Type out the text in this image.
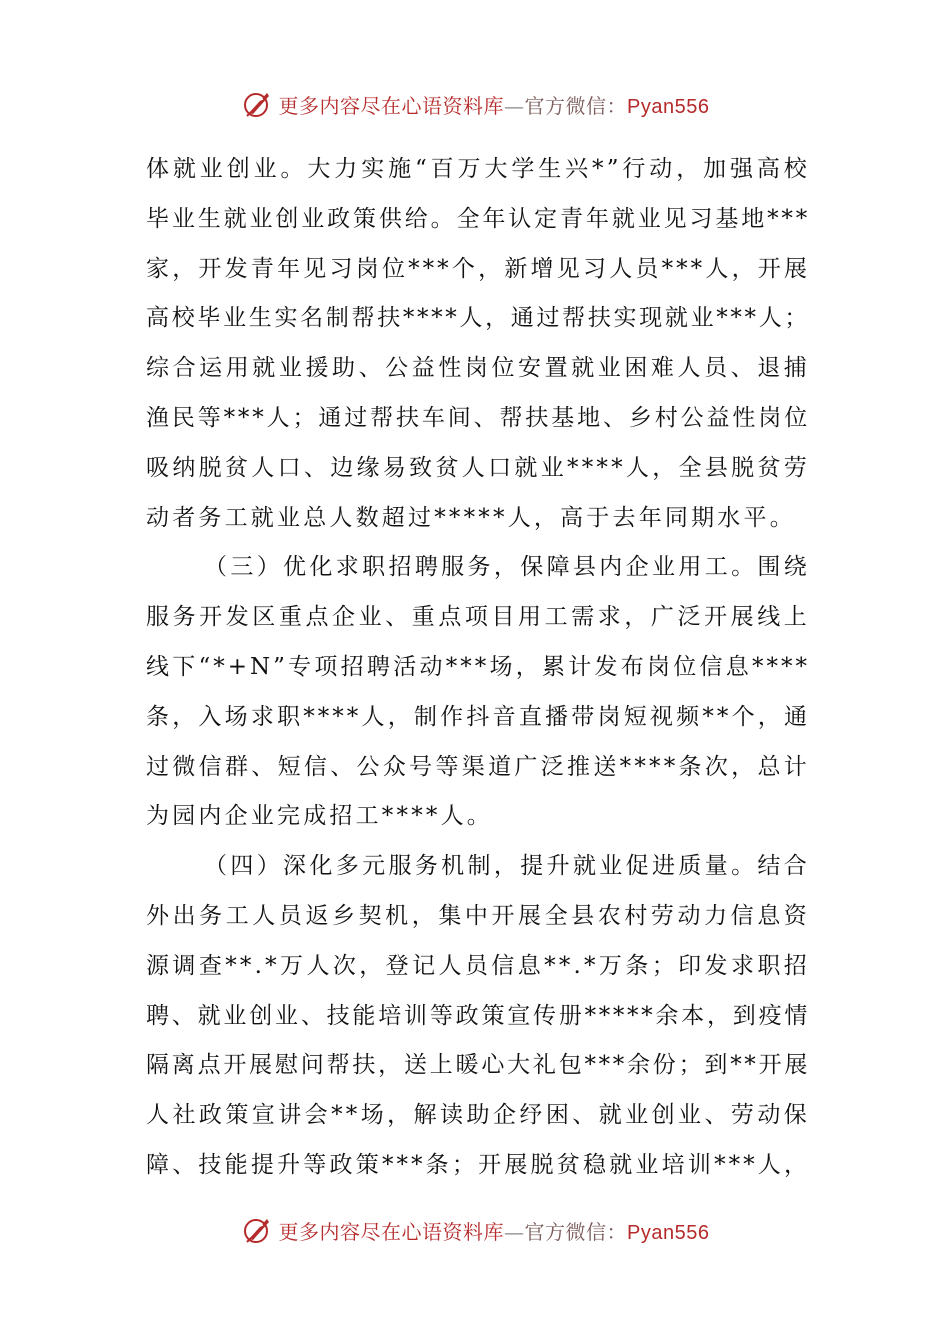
更多内容尽在心语资料库—官方微信：Pyan556
体就业创业。大力实施“百万大学生兴*”行动，加强高校
毕业生就业创业政策供给。全年认定青年就业见习基地***
家，开发青年见习岗位***个，新增见习人员***人，开展
高校毕业生实名制帮扶****人，通过帮扶实现就业***人；
综合运用就业援助、公益性岗位安置就业困难人员、退捕
渔民等***人；通过帮扶车间、帮扶基地、乡村公益性岗位
吸纳脱贫人口、边缘易致贫人口就业****人，全县脱贫劳
动者务工就业总人数超过*****人，高于去年同期水平。
（三）优化求职招聘服务，保障县内企业用工。围绕
服务开发区重点企业、重点项目用工需求，广泛开展线上
线下“*+N”专项招聘活动***场，累计发布岗位信息****
条，入场求职****人，制作抖音直播带岗短视频**个，通
过微信群、短信、公众号等渠道广泛推送****条次，总计
为园内企业完成招工****人。
（四）深化多元服务机制，提升就业促进质量。结合
外出务工人员返乡契机，集中开展全县农村劳动力信息资
源调查**.*万人次，登记人员信息**.*万条；印发求职招
聘、就业创业、技能培训等政策宣传册*****余本，到疫情
隔离点开展慰问帮扶，送上暖心大礼包***余份；到**开展
人社政策宣讲会**场，解读助企纾困、就业创业、劳动保
障、技能提升等政策***条；开展脱贫稳就业培训***人，
更多内容尽在心语资料库—官方微信：Pyan556
